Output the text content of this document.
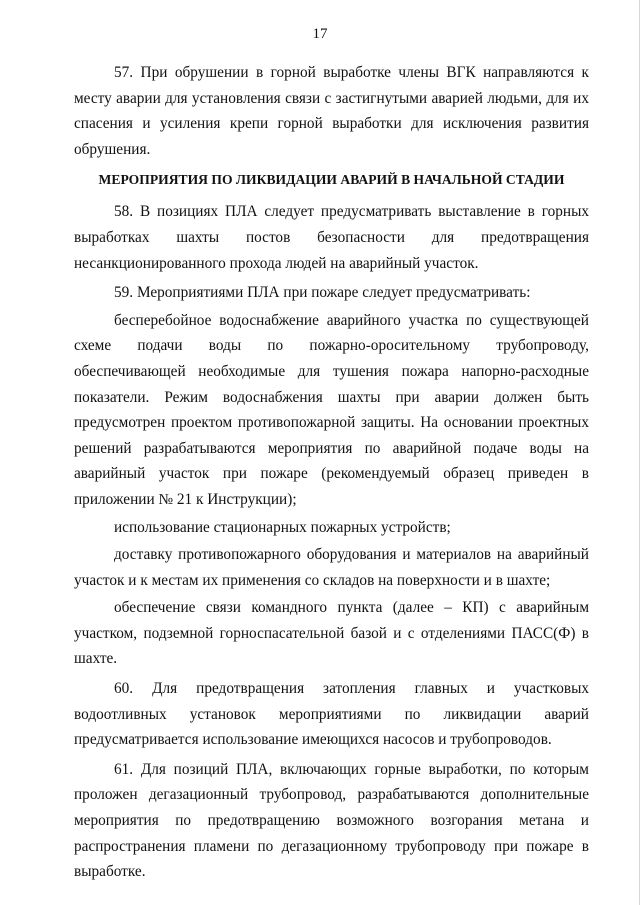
17

57. При обрушении в горной выработке члены ВГК направляются к месту аварии для установления связи с застигнутыми аварией людьми, для их спасения и усиления крепи горной выработки для исключения развития обрушения.

МЕРОПРИЯТИЯ ПО ЛИКВИДАЦИИ АВАРИЙ В НАЧАЛЬНОЙ СТАДИИ

58. В позициях ПЛА следует предусматривать выставление в горных выработках шахты постов безопасности для предотвращения несанкционированного прохода людей на аварийный участок.

59. Мероприятиями ПЛА при пожаре следует предусматривать:

бесперебойное водоснабжение аварийного участка по существующей схеме подачи воды по пожарно-оросительному трубопроводу, обеспечивающей необходимые для тушения пожара напорно-расходные показатели. Режим водоснабжения шахты при аварии должен быть предусмотрен проектом противопожарной защиты. На основании проектных решений разрабатываются мероприятия по аварийной подаче воды на аварийный участок при пожаре (рекомендуемый образец приведен в приложении № 21 к Инструкции);

использование стационарных пожарных устройств;

доставку противопожарного оборудования и материалов на аварийный участок и к местам их применения со складов на поверхности и в шахте;

обеспечение связи командного пункта (далее – КП) с аварийным участком, подземной горноспасательной базой и с отделениями ПАСС(Ф) в шахте.

60. Для предотвращения затопления главных и участковых водоотливных установок мероприятиями по ликвидации аварий предусматривается использование имеющихся насосов и трубопроводов.

61. Для позиций ПЛА, включающих горные выработки, по которым проложен дегазационный трубопровод, разрабатываются дополнительные мероприятия по предотвращению возможного возгорания метана и распространения пламени по дегазационному трубопроводу при пожаре в выработке.
